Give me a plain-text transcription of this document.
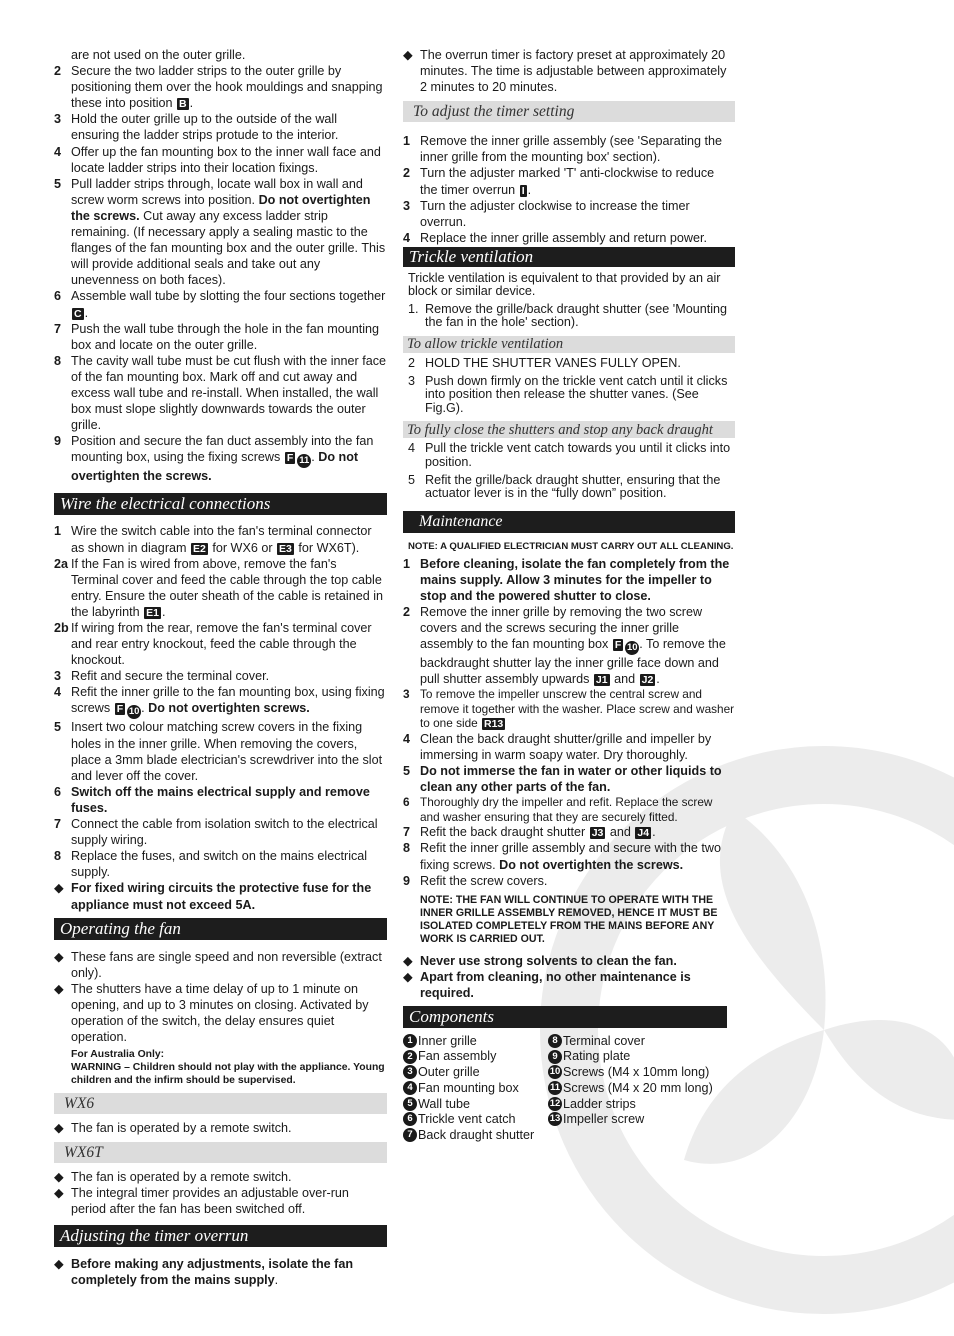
are not used on the outer grille.
2 Secure the two ladder strips to the outer grille by positioning them over the hook mouldings and snapping these into position B .
3 Hold the outer grille up to the outside of the wall ensuring the ladder strips protude to the interior.
4 Offer up the fan mounting box to the inner wall face and locate ladder strips into their location fixings.
5 Pull ladder strips through, locate wall box in wall and screw worm screws into position. Do not overtighten the screws. Cut away any excess ladder strip remaining. (If necessary apply a sealing mastic to the flanges of the fan mounting box and the outer grille. This will provide additional seals and take out any unevenness on both faces).
6 Assemble wall tube by slotting the four sections together C .
7 Push the wall tube through the hole in the fan mounting box and locate on the outer grille.
8 The cavity wall tube must be cut flush with the inner face of the fan mounting box. Mark off and cut away and excess wall tube and re-install. When installed, the wall box must slope slightly downwards towards the outer grille.
9 Position and secure the fan duct assembly into the fan mounting box, using the fixing screws F 11 . Do not overtighten the screws.
Wire the electrical connections
1 Wire the switch cable into the fan's terminal connector as shown in diagram E2 for WX6 or E3 for WX6T).
2a If the Fan is wired from above, remove the fan's Terminal cover and feed the cable through the top cable entry. Ensure the outer sheath of the cable is retained in the labyrinth E1 .
2b If wiring from the rear, remove the fan's terminal cover and rear entry knockout, feed the cable through the knockout.
3 Refit and secure the terminal cover.
4 Refit the inner grille to the fan mounting box, using fixing screws F 10 . Do not overtighten screws.
5 Insert two colour matching screw covers in the fixing holes in the inner grille. When removing the covers, place a 3mm blade electrician's screwdriver into the slot and lever off the cover.
6 Switch off the mains electrical supply and remove fuses.
7 Connect the cable from isolation switch to the electrical supply wiring.
8 Replace the fuses, and switch on the mains electrical supply.
◆ For fixed wiring circuits the protective fuse for the appliance must not exceed 5A.
Operating the fan
◆ These fans are single speed and non reversible (extract only).
◆ The shutters have a time delay of up to 1 minute on opening, and up to 3 minutes on closing. Activated by operation of the switch, the delay ensures quiet operation.
For Australia Only:
WARNING – Children should not play with the appliance. Young children and the infirm should be supervised.
WX6
◆ The fan is operated by a remote switch.
WX6T
◆ The fan is operated by a remote switch.
◆ The integral timer provides an adjustable over-run period after the fan has been switched off.
Adjusting the timer overrun
◆ Before making any adjustments, isolate the fan completely from the mains supply.
◆ The overrun timer is factory preset at approximately 20 minutes. The time is adjustable between approximately 2 minutes to 20 minutes.
To adjust the timer setting
1 Remove the inner grille assembly (see 'Separating the inner grille from the mounting box' section).
2 Turn the adjuster marked 'T' anti-clockwise to reduce the timer overrun I .
3 Turn the adjuster clockwise to increase the timer overrun.
4 Replace the inner grille assembly and return power.
Trickle ventilation

Trickle ventilation is equivalent to that provided by an air block or similar device.

1. Remove the grille/back draught shutter (see 'Mounting the fan in the hole' section).
To allow trickle ventilation
2 HOLD THE SHUTTER VANES FULLY OPEN.
3 Push down firmly on the trickle vent catch until it clicks into position then release the shutter vanes. (See Fig.G).
To fully close the shutters and stop any back draught
4 Pull the trickle vent catch towards you until it clicks into position.
5 Refit the grille/back draught shutter, ensuring that the actuator lever is in the “fully down” position.
Maintenance
NOTE: A QUALIFIED ELECTRICIAN MUST CARRY OUT ALL CLEANING.
1 Before cleaning, isolate the fan completely from the mains supply. Allow 3 minutes for the impeller to stop and the powered shutter to close.
2 Remove the inner grille by removing the two screw covers and the screws securing the inner grille assembly to the fan mounting box F 10 . To remove the backdraught shutter lay the inner grille face down and pull shutter assembly upwards J1 and J2 .
3 To remove the impeller unscrew the central screw and remove it together with the washer. Place screw and washer to one side R13
4 Clean the back draught shutter/grille and impeller by immersing in warm soapy water. Dry thoroughly.
5 Do not immerse the fan in water or other liquids to clean any other parts of the fan.
6 Thoroughly dry the impeller and refit. Replace the screw and washer ensuring that they are securely fitted.
7 Refit the back draught shutter J3 and J4 .
8 Refit the inner grille assembly and secure with the two fixing screws. Do not overtighten the screws.
9 Refit the screw covers.
NOTE: THE FAN WILL CONTINUE TO OPERATE WITH THE INNER GRILLE ASSEMBLY REMOVED, HENCE IT MUST BE ISOLATED COMPLETELY FROM THE MAINS BEFORE ANY WORK IS CARRIED OUT.
◆ Never use strong solvents to clean the fan.
◆ Apart from cleaning, no other maintenance is required.
Components
1 Inner grille
2 Fan assembly
3 Outer grille
4 Fan mounting box
5 Wall tube
6 Trickle vent catch
7 Back draught shutter
8 Terminal cover
9 Rating plate
10 Screws (M4 x 10mm long)
11 Screws (M4 x 20 mm long)
12 Ladder strips
13 Impeller screw
